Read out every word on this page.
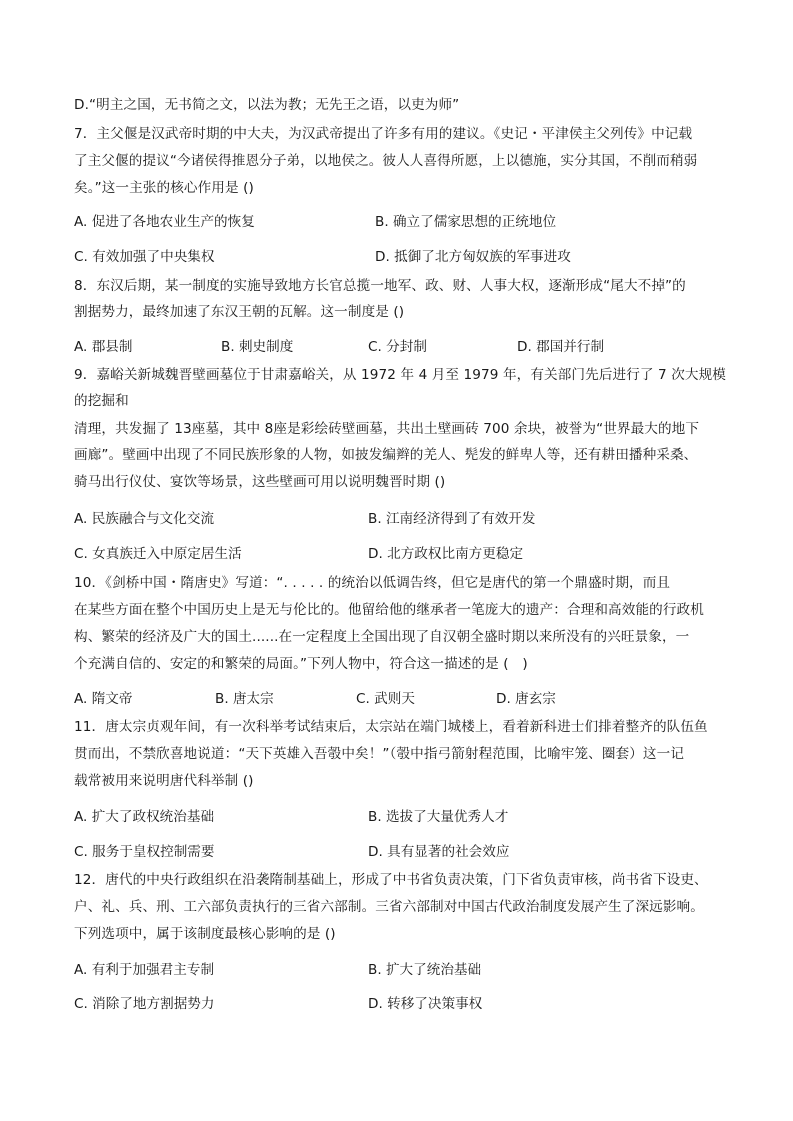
D.“明主之国，无书简之文，以法为教；无先王之语，以吏为师”
7．主父偃是汉武帝时期的中大夫，为汉武帝提出了许多有用的建议。《史记・平津侯主父列传》中记载
了主父偃的提议“今诸侯得推恩分子弟，以地侯之。彼人人喜得所愿，上以德施，实分其国，不削而稍弱
矣。”这一主张的核心作用是 ()
A. 促进了各地农业生产的恢复	B. 确立了儒家思想的正统地位
C. 有效加强了中央集权	D. 抵御了北方匈奴族的军事进攻
8．东汉后期，某一制度的实施导致地方长官总揽一地军、政、财、人事大权，逐渐形成“尾大不掉”的
割据势力，最终加速了东汉王朝的瓦解。这一制度是 ()
A. 郡县制	B. 刺史制度	C. 分封制	D. 郡国并行制
9．嘉峪关新城魏晋壁画墓位于甘肃嘉峪关，从 1972 年 4 月至 1979 年，有关部门先后进行了 7 次大规模
的挖掘和
清理，共发掘了 13座墓，其中 8座是彩绘砖壁画墓，共出土壁画砖 700 余块，被誉为“世界最大的地下
画廊”。壁画中出现了不同民族形象的人物，如披发编辫的羌人、髡发的鲜卑人等，还有耕田播种采桑、
骑马出行仪仗、宴饮等场景，这些壁画可用以说明魏晋时期 ()
A. 民族融合与文化交流	B. 江南经济得到了有效开发
C. 女真族迁入中原定居生活	D. 北方政权比南方更稳定
10．《剑桥中国・隋唐史》写道：“. . . . . 的统治以低调告终，但它是唐代的第一个鼎盛时期，而且
在某些方面在整个中国历史上是无与伦比的。他留给他的继承者一笔庞大的遗产：合理和高效能的行政机
构、繁荣的经济及广大的国土......在一定程度上全国出现了自汉朝全盛时期以来所没有的兴旺景象，一
个充满自信的、安定的和繁荣的局面。”下列人物中，符合这一描述的是 (　)
A. 隋文帝	B. 唐太宗	C. 武则天	D. 唐玄宗
11．唐太宗贞观年间，有一次科举考试结束后，太宗站在端门城楼上，看着新科进士们排着整齐的队伍鱼
贯而出，不禁欣喜地说道：“天下英雄入吾彀中矣！”（彀中指弓箭射程范围，比喻牢笼、圈套）这一记
载常被用来说明唐代科举制 ()
A. 扩大了政权统治基础	B. 选拔了大量优秀人才
C. 服务于皇权控制需要	D. 具有显著的社会效应
12．唐代的中央行政组织在沿袭隋制基础上，形成了中书省负责决策，门下省负责审核，尚书省下设吏、
户、礼、兵、刑、工六部负责执行的三省六部制。三省六部制对中国古代政治制度发展产生了深远影响。
下列选项中，属于该制度最核心影响的是 ()
A. 有利于加强君主专制	B. 扩大了统治基础
C. 消除了地方割据势力	D. 转移了决策事权
